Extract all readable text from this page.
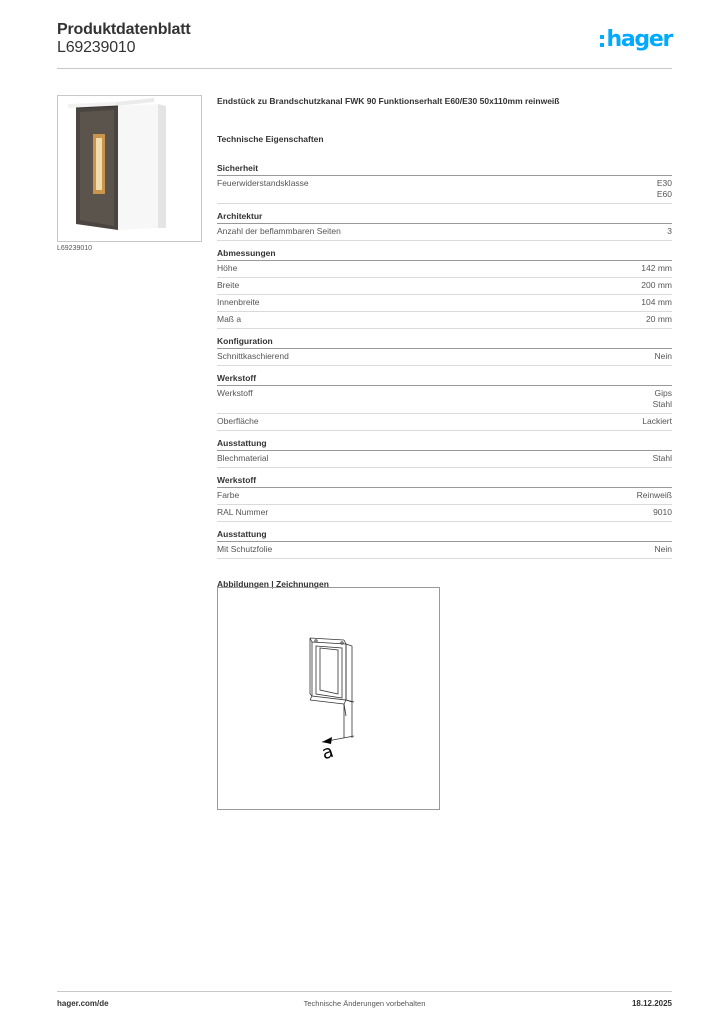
Produktdatenblatt
L69239010	hager
L69239010
Endstück zu Brandschutzkanal FWK 90 Funktionserhalt E60/E30 50x110mm reinweiß
Technische Eigenschaften
Sicherheit
Feuerwiderstandsklasse	E30
E60
Architektur
Anzahl der beflammbaren Seiten	3
Abmessungen
Höhe	142 mm
Breite	200 mm
Innenbreite	104 mm
Maß a	20 mm
Konfiguration
Schnittkaschierend	Nein
Werkstoff
Werkstoff	Gips
Stahl
Oberfläche	Lackiert
Ausstattung
Blechmaterial	Stahl
Werkstoff
Farbe	Reinweiß
RAL Nummer	9010
Ausstattung
Mit Schutzfolie	Nein
Abbildungen | Zeichnungen
a
Technische Änderungen vorbehalten
hager.com/de	18.12.2025
